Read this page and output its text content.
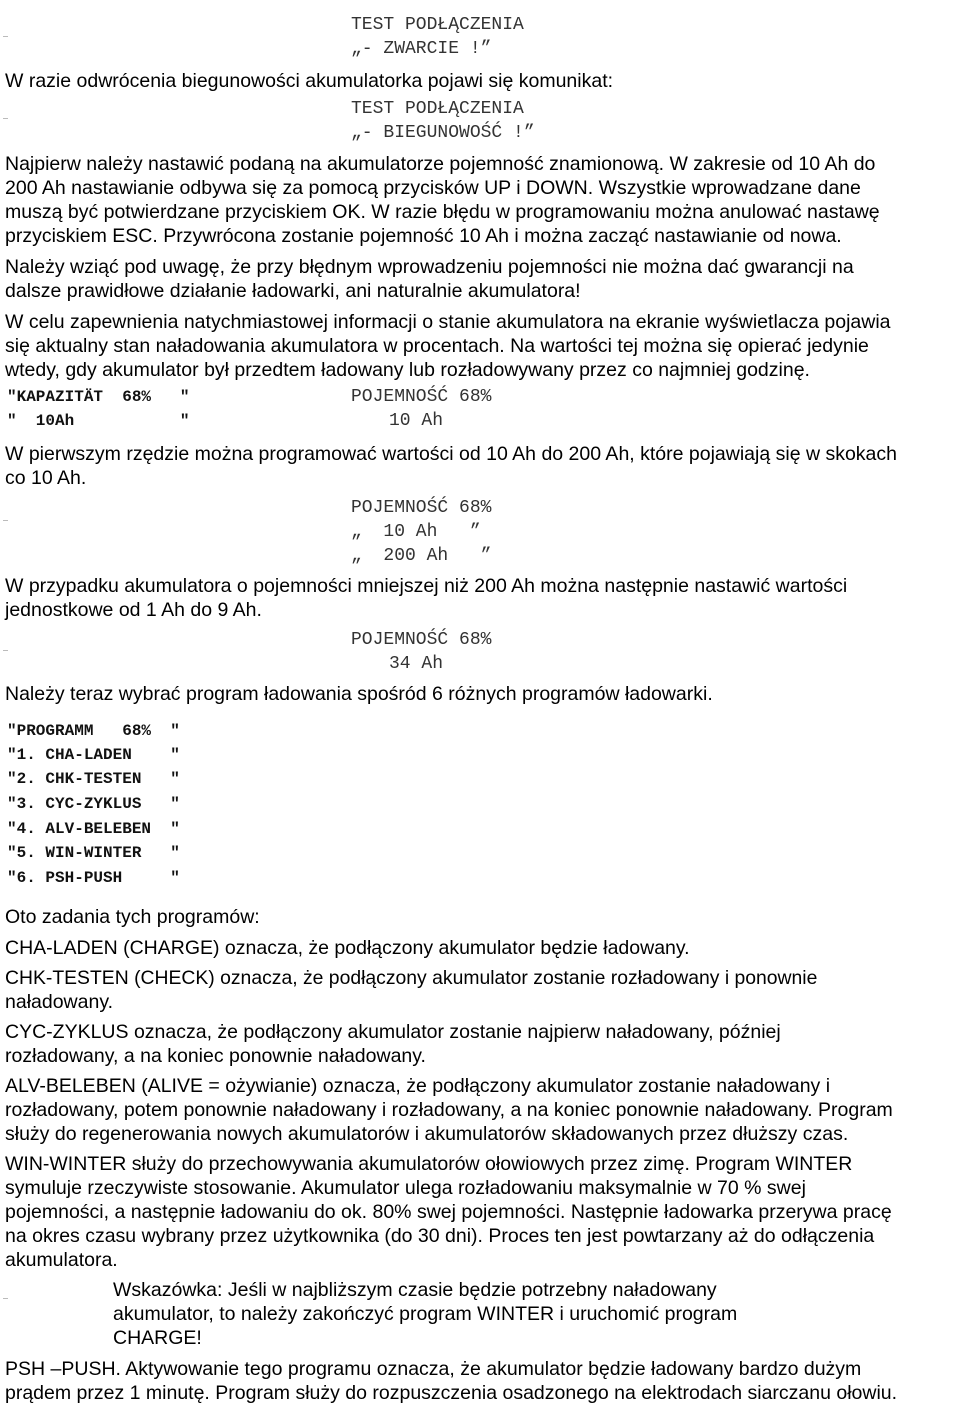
TEST PODŁĄCZENIA
„- ZWARCIE !”
W razie odwrócenia biegunowości akumulatorka pojawi się komunikat:
TEST PODŁĄCZENIA
„- BIEGUNOWOŚĆ !”
Najpierw należy nastawić podaną na akumulatorze pojemność znamionową. W zakresie od 10 Ah do
200 Ah nastawianie odbywa się za pomocą przycisków UP i DOWN. Wszystkie wprowadzane dane
muszą być potwierdzane przyciskiem OK. W razie błędu w programowaniu można anulować nastawę
przyciskiem ESC. Przywrócona zostanie pojemność 10 Ah i można zacząć nastawianie od nowa.
Należy wziąć pod uwagę, że przy błędnym wprowadzeniu pojemności nie można dać gwarancji na
dalsze prawidłowe działanie ładowarki, ani naturalnie akumulatora!
W celu zapewnienia natychmiastowej informacji o stanie akumulatora na ekranie wyświetlacza pojawia
się aktualny stan naładowania akumulatora w procentach. Na wartości tej można się opierać jedynie
wtedy, gdy akumulator był przedtem ładowany lub rozładowywany przez co najmniej godzinę.
"KAPAZITÄT  68%   "
"  10Ah           "
POJEMNOŚĆ 68%
10 Ah
W pierwszym rzędzie można programować wartości od 10 Ah do 200 Ah, które pojawiają się w skokach
co 10 Ah.
POJEMNOŚĆ 68%
„  10 Ah   ”
„  200 Ah   ”
W przypadku akumulatora o pojemności mniejszej niż 200 Ah można następnie nastawić wartości
jednostkowe od 1 Ah do 9 Ah.
POJEMNOŚĆ 68%
34 Ah
Należy teraz wybrać program ładowania spośród 6 różnych programów ładowarki.
"PROGRAMM   68%  "
"1. CHA-LADEN    "
"2. CHK-TESTEN   "
"3. CYC-ZYKLUS   "
"4. ALV-BELEBEN  "
"5. WIN-WINTER   "
"6. PSH-PUSH     "
Oto zadania tych programów:
CHA-LADEN (CHARGE) oznacza, że podłączony akumulator będzie ładowany.
CHK-TESTEN (CHECK) oznacza, że podłączony akumulator zostanie rozładowany i ponownie
naładowany.
CYC-ZYKLUS oznacza, że podłączony akumulator zostanie najpierw naładowany, później
rozładowany, a na koniec ponownie naładowany.
ALV-BELEBEN (ALIVE = ożywianie) oznacza, że podłączony akumulator zostanie naładowany i
rozładowany, potem ponownie naładowany i rozładowany, a na koniec ponownie naładowany. Program
służy do regenerowania nowych akumulatorów i akumulatorów składowanych przez dłuższy czas.
WIN-WINTER służy do przechowywania akumulatorów ołowiowych przez zimę. Program WINTER
symuluje rzeczywiste stosowanie. Akumulator ulega rozładowaniu maksymalnie w 70 % swej
pojemności, a następnie ładowaniu do ok. 80% swej pojemności. Następnie ładowarka przerywa pracę
na okres czasu wybrany przez użytkownika (do 30 dni). Proces ten jest powtarzany aż do odłączenia
akumulatora.
Wskazówka: Jeśli w najbliższym czasie będzie potrzebny naładowany
akumulator, to należy zakończyć program WINTER i uruchomić program
CHARGE!
PSH –PUSH. Aktywowanie tego programu oznacza, że akumulator będzie ładowany bardzo dużym
prądem przez 1 minutę. Program służy do rozpuszczenia osadzonego na elektrodach siarczanu ołowiu.
